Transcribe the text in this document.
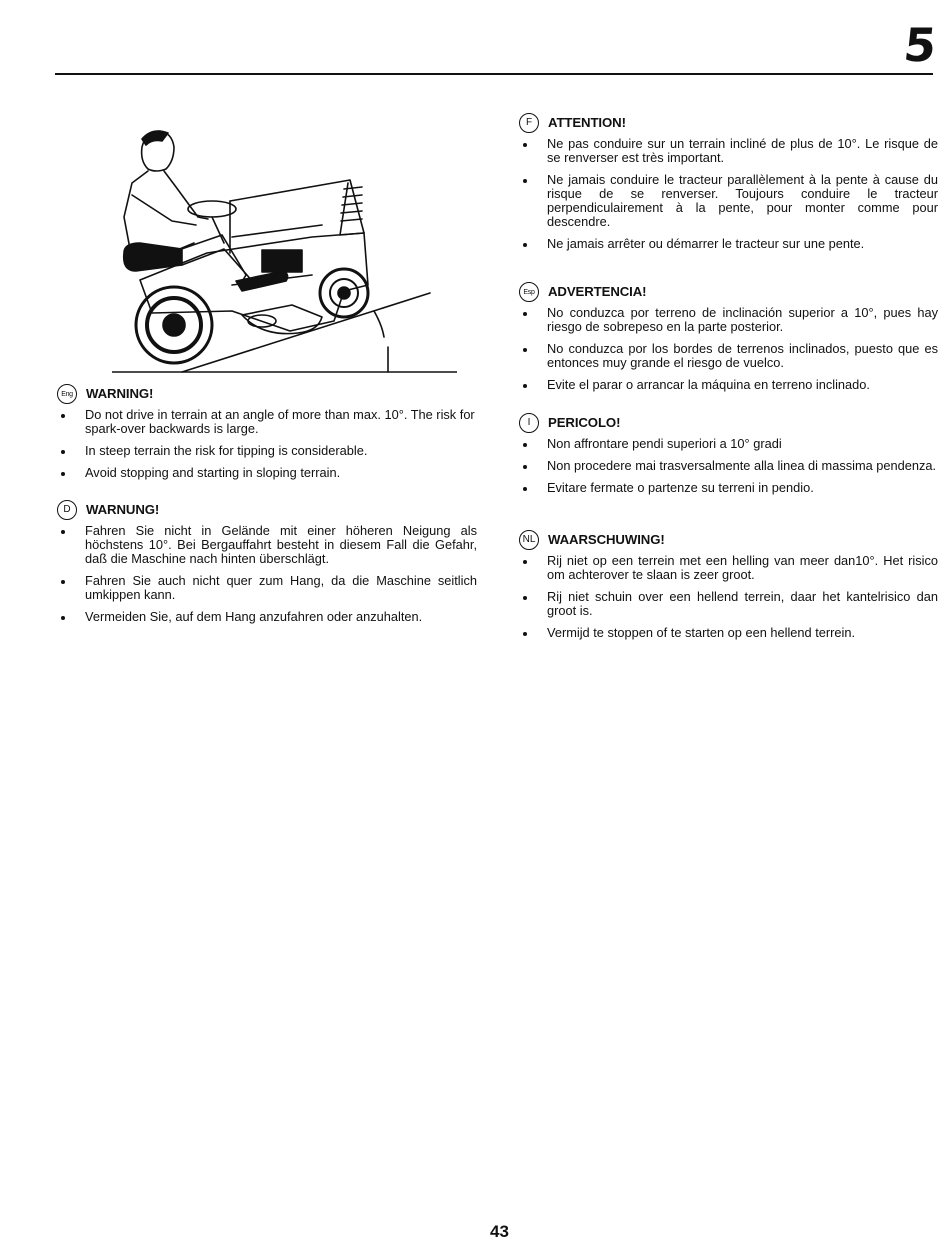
5
Eng	WARNING!
Do not drive in terrain at an angle of more than max. 10°. The risk for spark-over backwards is large.
In steep terrain the risk for tipping is considerable.
Avoid stopping and starting in sloping terrain.
D	WARNUNG!
Fahren Sie nicht in Gelände mit einer höheren Neigung als höchstens 10°. Bei Bergauffahrt besteht in diesem Fall die Gefahr, daß die Maschine nach hinten überschlägt.
Fahren Sie auch nicht quer zum Hang, da die Maschine seitlich umkippen kann.
Vermeiden Sie, auf dem Hang anzufahren oder anzuhalten.
F	ATTENTION!
Ne pas conduire sur un terrain incliné de plus de 10°. Le risque de se renverser est très important.
Ne jamais conduire le tracteur parallèlement à la pente à cause du risque de se renverser. Toujours conduire le tracteur perpendiculairement à la pente, pour monter comme pour descendre.
Ne jamais arrêter ou démarrer le tracteur sur une pente.
Esp	ADVERTENCIA!
No conduzca por terreno de inclinación superior a 10°, pues hay riesgo de sobrepeso en la parte posterior.
No conduzca por los bordes de terrenos inclinados, puesto que es entonces muy grande el riesgo de vuelco.
Evite el parar o arrancar la máquina en terreno inclinado.
I	PERICOLO!
Non affrontare pendi superiori a 10° gradi
Non procedere mai trasversalmente alla linea di massima pendenza.
Evitare fermate o partenze su terreni in pendio.
NL WAARSCHUWING!
Rij niet op een terrein met een helling van meer dan10°. Het risico om achterover te slaan is zeer groot.
Rij niet schuin over een hellend terrein, daar het kantelrisico dan groot is.
Vermijd te stoppen of te starten op een hellend terrein.
43
